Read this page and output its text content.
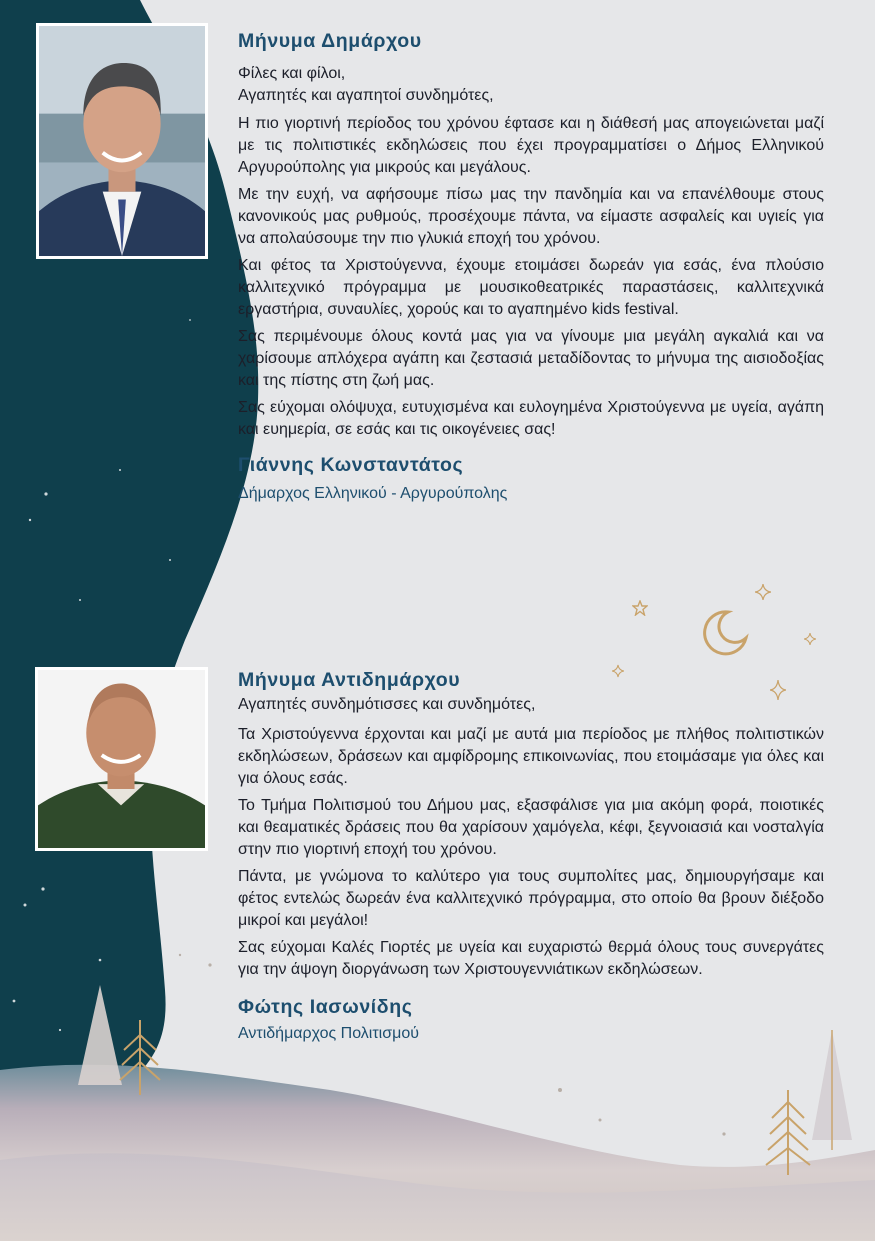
Μήνυμα Δημάρχου
Φίλες και φίλοι,
Αγαπητές και αγαπητοί συνδημότες,

Η πιο γιορτινή περίοδος του χρόνου έφτασε και η διάθεσή μας απογειώνεται μαζί με τις πολιτιστικές εκδηλώσεις που έχει προγραμματίσει ο Δήμος Ελληνικού Αργυρούπολης για μικρούς και μεγάλους.

Με την ευχή, να αφήσουμε πίσω μας την πανδημία και να επανέλθουμε στους κανονικούς μας ρυθμούς, προσέχουμε πάντα, να είμαστε ασφαλείς και υγιείς για να απολαύσουμε την πιο γλυκιά εποχή του χρόνου.

Και φέτος τα Χριστούγεννα, έχουμε ετοιμάσει δωρεάν για εσάς, ένα πλούσιο καλλιτεχνικό πρόγραμμα με μουσικοθεατρικές παραστάσεις, καλλιτεχνικά εργαστήρια, συναυλίες, χορούς και το αγαπημένο kids festival.

Σας περιμένουμε όλους κοντά μας για να γίνουμε μια μεγάλη αγκαλιά και να χαρίσουμε απλόχερα αγάπη και ζεστασιά μεταδίδοντας το μήνυμα της αισιοδοξίας και της πίστης στη ζωή μας.

Σας εύχομαι ολόψυχα, ευτυχισμένα και ευλογημένα Χριστούγεννα με υγεία, αγάπη και ευημερία, σε εσάς και τις οικογένειες σας!

Γιάννης Κωνσταντάτος
Δήμαρχος Ελληνικού - Αργυρούπολης
Μήνυμα Αντιδημάρχου
Αγαπητές συνδημότισσες και συνδημότες,

Τα Χριστούγεννα έρχονται και μαζί με αυτά μια περίοδος με πλήθος πολιτιστικών εκδηλώσεων, δράσεων και αμφίδρομης επικοινωνίας, που ετοιμάσαμε για όλες και για όλους εσάς.

Το Τμήμα Πολιτισμού του Δήμου μας, εξασφάλισε για μια ακόμη φορά, ποιοτικές και θεαματικές δράσεις που θα χαρίσουν χαμόγελα, κέφι, ξεγνοιασιά και νοσταλγία στην πιο γιορτινή εποχή του χρόνου.

Πάντα, με γνώμονα το καλύτερο για τους συμπολίτες μας, δημιουργήσαμε και φέτος εντελώς δωρεάν ένα καλλιτεχνικό πρόγραμμα, στο οποίο θα βρουν διέξοδο μικροί και μεγάλοι!

Σας εύχομαι Καλές Γιορτές με υγεία και ευχαριστώ θερμά όλους τους συνεργάτες για την άψογη διοργάνωση των Χριστουγεννιάτικων εκδηλώσεων.

Φώτης Ιασωνίδης
Αντιδήμαρχος Πολιτισμού
